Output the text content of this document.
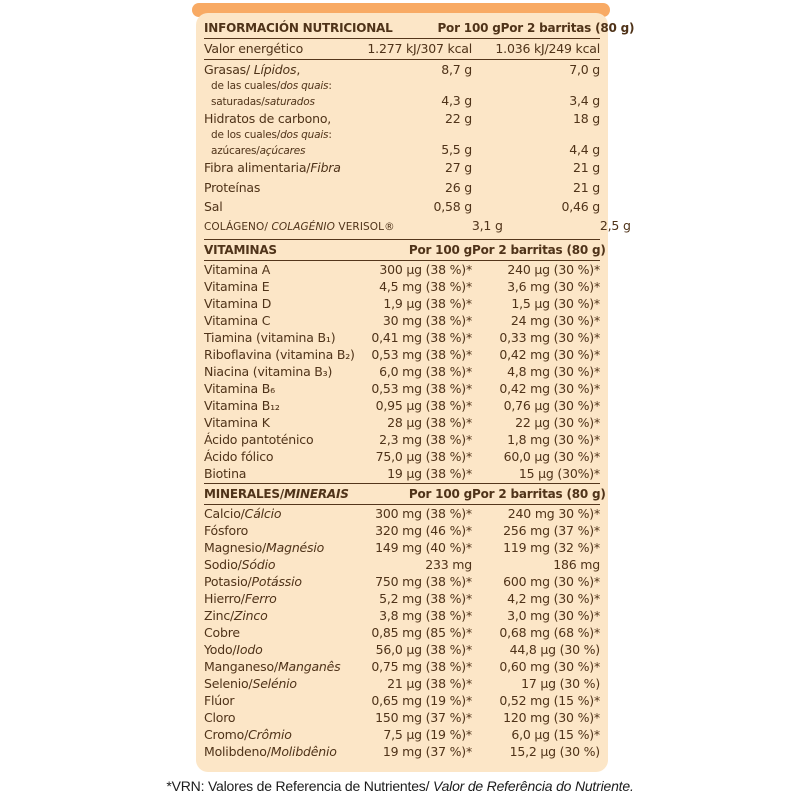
INFORMACIÓN NUTRICIONAL	Por 100 g Por 2 barritas (80 g)
Valor energético	1.277 kJ/307 kcal	1.036 kJ/249 kcal
Grasas/ Lípidos,	8,7 g	7,0 g
de las cuales/dos quais:
saturadas/saturados	4,3 g	3,4 g
Hidratos de carbono,	22 g	18 g
de los cuales/dos quais:
azúcares/açúcares	5,5 g	4,4 g
Fibra alimentaria/Fibra	27 g	21 g
Proteínas	26 g	21 g
Sal	0,58 g	0,46 g
COLÁGENO/ COLAGÉNIO VERISOL®	3,1 g	2,5 g
VITAMINAS	Por 100 g Por 2 barritas (80 g)
Vitamina A	300 µg (38 %)*	240 µg (30 %)*
Vitamina E	4,5 mg (38 %)*	3,6 mg (30 %)*
Vitamina D	1,9 µg (38 %)*	1,5 µg (30 %)*
Vitamina C	30 mg (38 %)*	24 mg (30 %)*
Tiamina (vitamina B₁)	0,41 mg (38 %)*	0,33 mg (30 %)*
Riboflavina (vitamina B₂)	0,53 mg (38 %)*	0,42 mg (30 %)*
Niacina (vitamina B₃)	6,0 mg (38 %)*	4,8 mg (30 %)*
Vitamina B₆	0,53 mg (38 %)*	0,42 mg (30 %)*
Vitamina B₁₂	0,95 µg (38 %)*	0,76 µg (30 %)*
Vitamina K	28 µg (38 %)*	22 µg (30 %)*
Ácido pantoténico	2,3 mg (38 %)*	1,8 mg (30 %)*
Ácido fólico	75,0 µg (38 %)*	60,0 µg (30 %)*
Biotina	19 µg (38 %)*	15 µg (30%)*
MINERALES/MINERAIS	Por 100 g Por 2 barritas (80 g)
Calcio/Cálcio	300 mg (38 %)*	240 mg 30 %)*
Fósforo	320 mg (46 %)*	256 mg (37 %)*
Magnesio/Magnésio	149 mg (40 %)*	119 mg (32 %)*
Sodio/Sódio	233 mg	186 mg
Potasio/Potássio	750 mg (38 %)*	600 mg (30 %)*
Hierro/Ferro	5,2 mg (38 %)*	4,2 mg (30 %)*
Zinc/Zinco	3,8 mg (38 %)*	3,0 mg (30 %)*
Cobre	0,85 mg (85 %)*	0,68 mg (68 %)*
Yodo/Iodo	56,0 µg (38 %)*	44,8 µg (30 %)
Manganeso/Manganês	0,75 mg (38 %)*	0,60 mg (30 %)*
Selenio/Selénio	21 µg (38 %)*	17 µg (30 %)
Flúor	0,65 mg (19 %)*	0,52 mg (15 %)*
Cloro	150 mg (37 %)*	120 mg (30 %)*
Cromo/Crômio	7,5 µg (19 %)*	6,0 µg (15 %)*
Molibdeno/Molibdênio	19 mg (37 %)*	15,2 µg (30 %)
*VRN: Valores de Referencia de Nutrientes/ Valor de Referência do Nutriente.
